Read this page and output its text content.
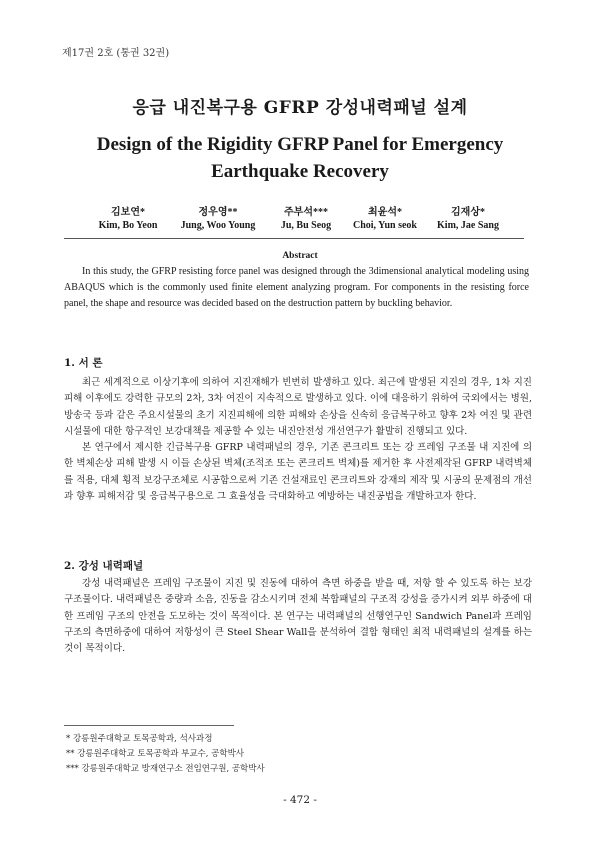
제17권 2호 (통권 32권)
응급 내진복구용 GFRP 강성내력패널 설계
Design of the Rigidity GFRP Panel for Emergency Earthquake Recovery
김보연*
Kim, Bo Yeon
정우영**
Jung, Woo Young
주부석***
Ju, Bu Seog
최윤석*
Choi, Yun seok
김재상*
Kim, Jae Sang
Abstract
In this study, the GFRP resisting force panel was designed through the 3dimensional analytical modeling using ABAQUS which is the commonly used finite element analyzing program. For components in the resisting force panel, the shape and resource was decided based on the destruction pattern by buckling behavior.
1. 서 론

최근 세계적으로 이상기후에 의하여 지진재해가 빈번히 발생하고 있다. 최근에 발생된 지진의 경우, 1차 지진피해 이후에도 강력한 규모의 2차, 3차 여진이 지속적으로 발생하고 있다. 이에 대응하기 위하여 국외에서는 병원, 방송국 등과 같은 주요시설물의 초기 지진피해에 의한 피해와 손상을 신속히 응급복구하고 향후 2차 여진 및 관련 시설물에 대한 항구적인 보강대책을 제공할 수 있는 내진안전성 개선연구가 활발히 진행되고 있다.

본 연구에서 제시한 긴급복구용 GFRP 내력패널의 경우, 기존 콘크리트 또는 강 프레임 구조물 내 지진에 의한 벽체손상 피해 발생 시 이들 손상된 벽체(조적조 또는 콘크리트 벽체)를 제거한 후 사전제작된 GFRP 내력벽체를 적용, 대체 횡적 보강구조체로 시공함으로써 기존 건설재료인 콘크리트와 강재의 제작 및 시공의 문제점의 개선과 향후 피해저감 및 응급복구용으로 그 효율성을 극대화하고 예방하는 내진공법을 개발하고자 한다.

2. 강성 내력패널

강성 내력패널은 프레임 구조물이 지진 및 진동에 대하여 측면 하중을 받을 때, 저항 할 수 있도록 하는 보강 구조물이다. 내력패널은 중량과 소음, 진동을 감소시키며 전체 복합패널의 구조적 강성을 증가시켜 외부 하중에 대한 프레임 구조의 안전을 도모하는 것이 목적이다. 본 연구는 내력패널의 선행연구인 Sandwich Panel과 프레임구조의 측면하중에 대하여 저항성이 큰 Steel Shear Wall을 분석하여 결합 형태인 최적 내력패널의 설계를 하는 것이 목적이다.

* 강릉원주대학교 토목공학과, 석사과정
** 강릉원주대학교 토목공학과 부교수, 공학박사
*** 강릉원주대학교 방재연구소 전임연구원, 공학박사
- 472 -
